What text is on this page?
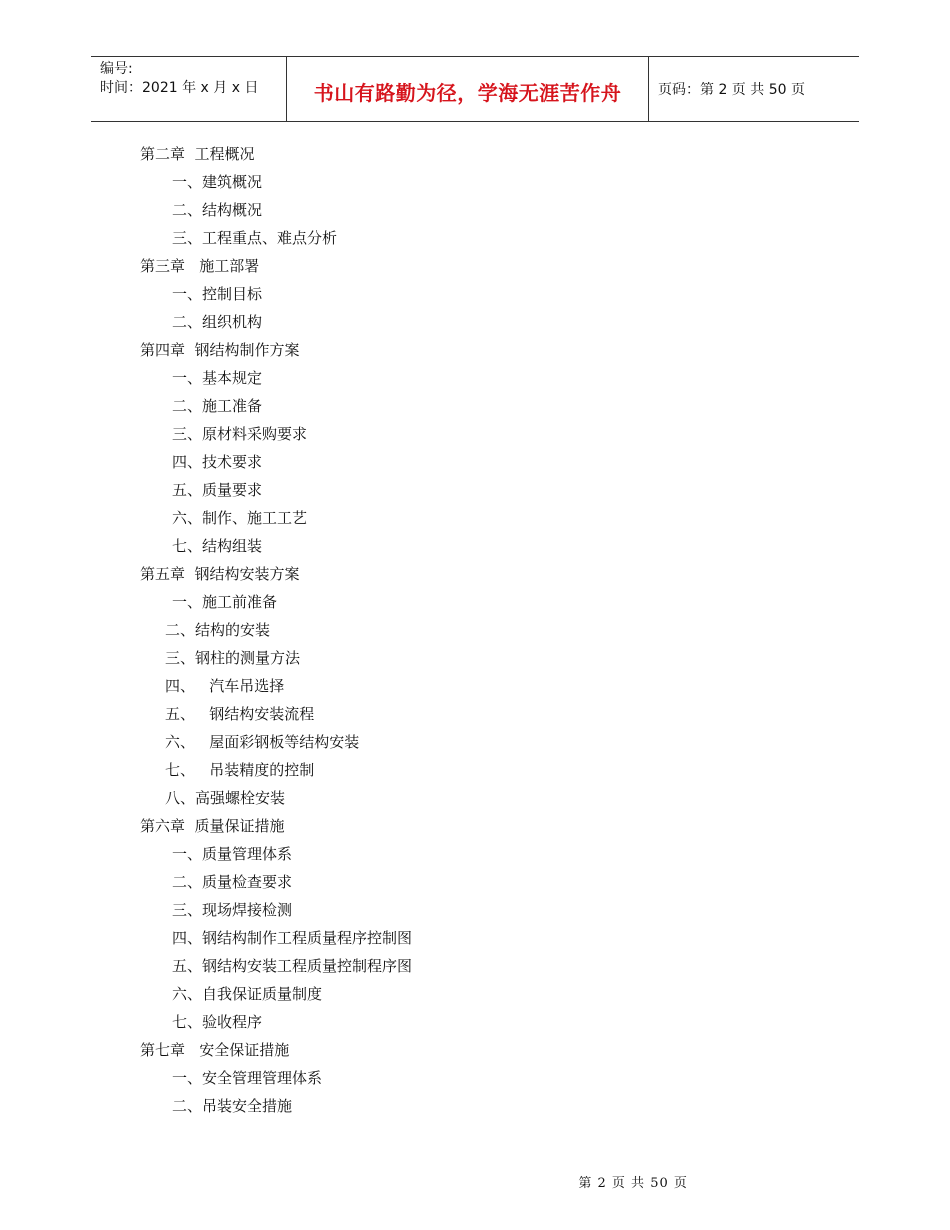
编号:
时间：2021 年 x 月 x 日	书山有路勤为径，学海无涯苦作舟	页码：第 2 页 共 50 页
第二章  工程概况
一、建筑概况
二、结构概况
三、工程重点、难点分析
第三章   施工部署
一、控制目标
二、组织机构
第四章  钢结构制作方案
一、基本规定
二、施工准备
三、原材料采购要求
四、技术要求
五、质量要求
六、制作、施工工艺
七、结构组装
第五章  钢结构安装方案
一、施工前准备
二、结构的安装
三、钢柱的测量方法
四、   汽车吊选择
五、   钢结构安装流程
六、   屋面彩钢板等结构安装
七、   吊装精度的控制
八、高强螺栓安装
第六章  质量保证措施
一、质量管理体系
二、质量检查要求
三、现场焊接检测
四、钢结构制作工程质量程序控制图
五、钢结构安装工程质量控制程序图
六、自我保证质量制度
七、验收程序
第七章   安全保证措施
一、安全管理管理体系
二、吊装安全措施

第 2 页 共 50 页
